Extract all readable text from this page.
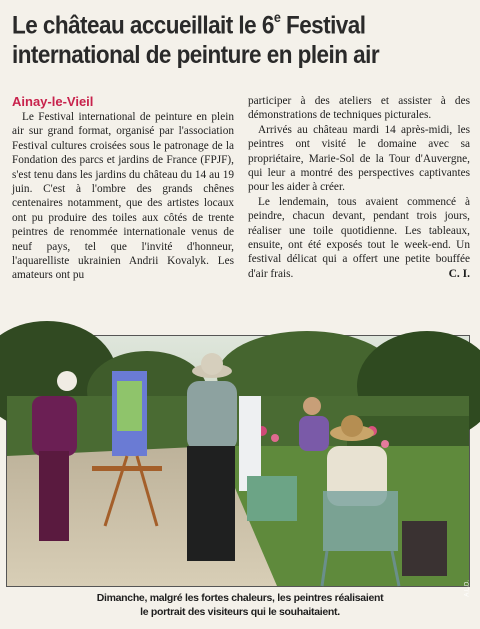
Le château accueillait le 6e Festival
international de peinture en plein air
Ainay-le-Vieil

Le Festival international de peinture en plein air sur grand format, organisé par l'association Festival cultures croisées sous le patronage de la Fondation des parcs et jardins de France (FPJF), s'est tenu dans les jardins du château du 14 au 19 juin. C'est à l'ombre des grands chênes centenaires notamment, que des artistes locaux ont pu produire des toiles aux côtés de trente peintres de renommée internationale venus de neuf pays, tel que l'invité d'honneur, l'aquarelliste ukrainien Andrii Kovalyk. Les amateurs ont pu

participer à des ateliers et assister à des démonstrations de techniques picturales.

Arrivés au château mardi 14 après-midi, les peintres ont visité le domaine avec sa propriétaire, Marie-Sol de la Tour d'Auvergne, qui leur a montré des perspectives captivantes pour les aider à créer.

Le lendemain, tous avaient commencé à peindre, chacun devant, pendant trois jours, réaliser une toile quotidienne. Les tableaux, ensuite, ont été exposés tout le week-end. Un festival délicat qui a offert une petite bouffée d'air frais.	C. I.

A.L.D.
Dimanche, malgré les fortes chaleurs, les peintres réalisaient
le portrait des visiteurs qui le souhaitaient.
